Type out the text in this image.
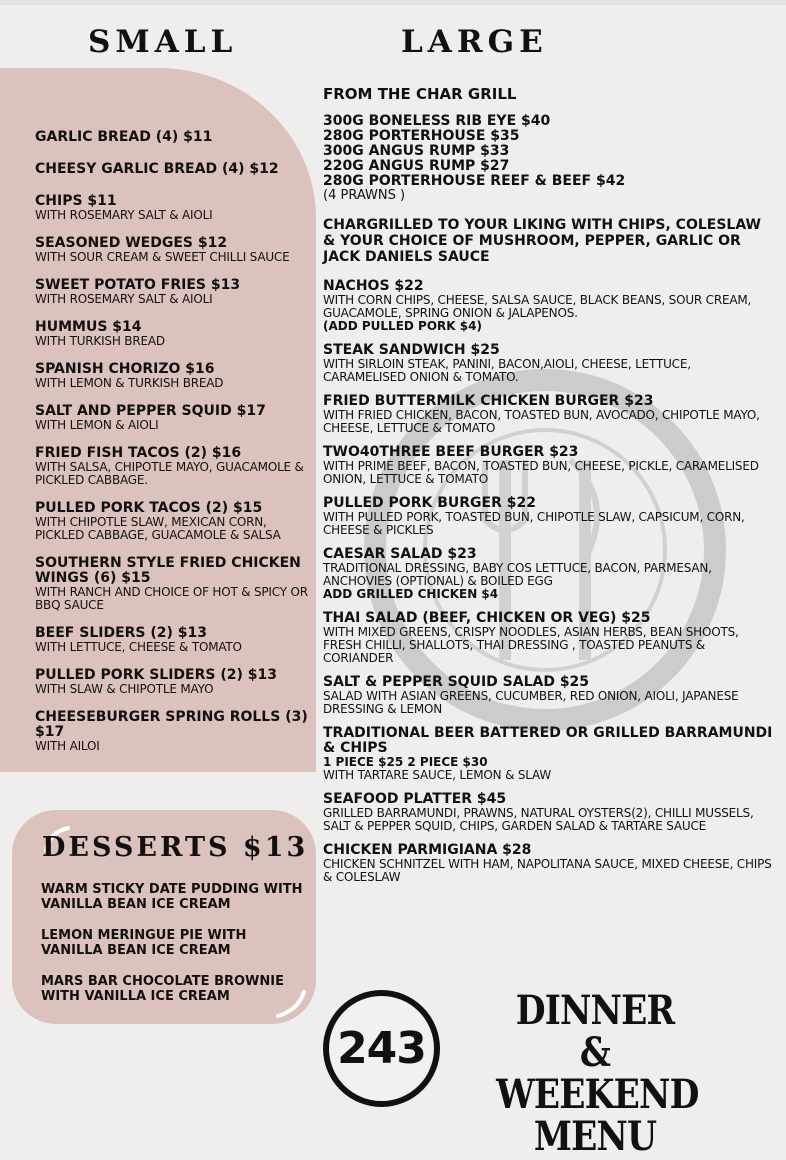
SMALL	LARGE
GARLIC BREAD (4) $11
CHEESY GARLIC BREAD (4) $12
CHIPS $11
WITH ROSEMARY SALT & AIOLI
SEASONED WEDGES $12
WITH SOUR CREAM & SWEET CHILLI SAUCE
SWEET POTATO FRIES $13
WITH ROSEMARY SALT & AIOLI
HUMMUS $14
WITH TURKISH BREAD
SPANISH CHORIZO $16
WITH LEMON & TURKISH BREAD
SALT AND PEPPER SQUID $17
WITH LEMON & AIOLI
FRIED FISH TACOS (2) $16
WITH SALSA, CHIPOTLE MAYO, GUACAMOLE & PICKLED CABBAGE.
PULLED PORK TACOS (2) $15
WITH CHIPOTLE SLAW, MEXICAN CORN, PICKLED CABBAGE, GUACAMOLE & SALSA
SOUTHERN STYLE FRIED CHICKEN WINGS (6) $15
WITH RANCH AND CHOICE OF HOT & SPICY OR BBQ SAUCE
BEEF SLIDERS (2) $13
WITH LETTUCE, CHEESE & TOMATO
PULLED PORK SLIDERS (2) $13
WITH SLAW & CHIPOTLE MAYO
CHEESEBURGER SPRING ROLLS (3) $17
WITH AILOI
DESSERTS $13
WARM STICKY DATE PUDDING WITH VANILLA BEAN ICE CREAM
LEMON MERINGUE PIE WITH VANILLA BEAN ICE CREAM
MARS BAR CHOCOLATE BROWNIE WITH VANILLA ICE CREAM
FROM THE CHAR GRILL
300G BONELESS RIB EYE $40
280G PORTERHOUSE $35
300G ANGUS RUMP $33
220G ANGUS RUMP $27
280G PORTERHOUSE REEF & BEEF $42
(4 PRAWNS )
CHARGRILLED TO YOUR LIKING WITH CHIPS, COLESLAW & YOUR CHOICE OF MUSHROOM, PEPPER, GARLIC OR JACK DANIELS SAUCE
NACHOS $22
WITH CORN CHIPS, CHEESE, SALSA SAUCE, BLACK BEANS, SOUR CREAM, GUACAMOLE, SPRING ONION & JALAPENOS.
(ADD PULLED PORK $4)
STEAK SANDWICH $25
WITH SIRLOIN STEAK, PANINI, BACON,AIOLI, CHEESE, LETTUCE, CARAMELISED ONION & TOMATO.
FRIED BUTTERMILK CHICKEN BURGER $23
WITH FRIED CHICKEN, BACON, TOASTED BUN, AVOCADO, CHIPOTLE MAYO, CHEESE, LETTUCE & TOMATO
TWO40THREE BEEF BURGER $23
WITH PRIME BEEF, BACON, TOASTED BUN, CHEESE, PICKLE, CARAMELISED ONION, LETTUCE & TOMATO
PULLED PORK BURGER $22
WITH PULLED PORK, TOASTED BUN, CHIPOTLE SLAW, CAPSICUM, CORN, CHEESE & PICKLES
CAESAR SALAD $23
TRADITIONAL DRESSING, BABY COS LETTUCE, BACON, PARMESAN, ANCHOVIES (OPTIONAL) & BOILED EGG
ADD GRILLED CHICKEN $4
THAI SALAD (BEEF, CHICKEN OR VEG) $25
WITH MIXED GREENS, CRISPY NOODLES, ASIAN HERBS, BEAN SHOOTS, FRESH CHILLI, SHALLOTS, THAI DRESSING , TOASTED PEANUTS & CORIANDER
SALT & PEPPER SQUID SALAD $25
SALAD WITH ASIAN GREENS, CUCUMBER, RED ONION, AIOLI, JAPANESE DRESSING & LEMON
TRADITIONAL BEER BATTERED OR GRILLED BARRAMUNDI & CHIPS
1 PIECE $25 2 PIECE $30
WITH TARTARE SAUCE, LEMON & SLAW
SEAFOOD PLATTER $45
GRILLED BARRAMUNDI, PRAWNS, NATURAL OYSTERS(2), CHILLI MUSSELS, SALT & PEPPER SQUID, CHIPS, GARDEN SALAD & TARTARE SAUCE
CHICKEN PARMIGIANA $28
CHICKEN SCHNITZEL WITH HAM, NAPOLITANA SAUCE, MIXED CHEESE, CHIPS & COLESLAW
243
DINNER &
WEEKEND
MENU
